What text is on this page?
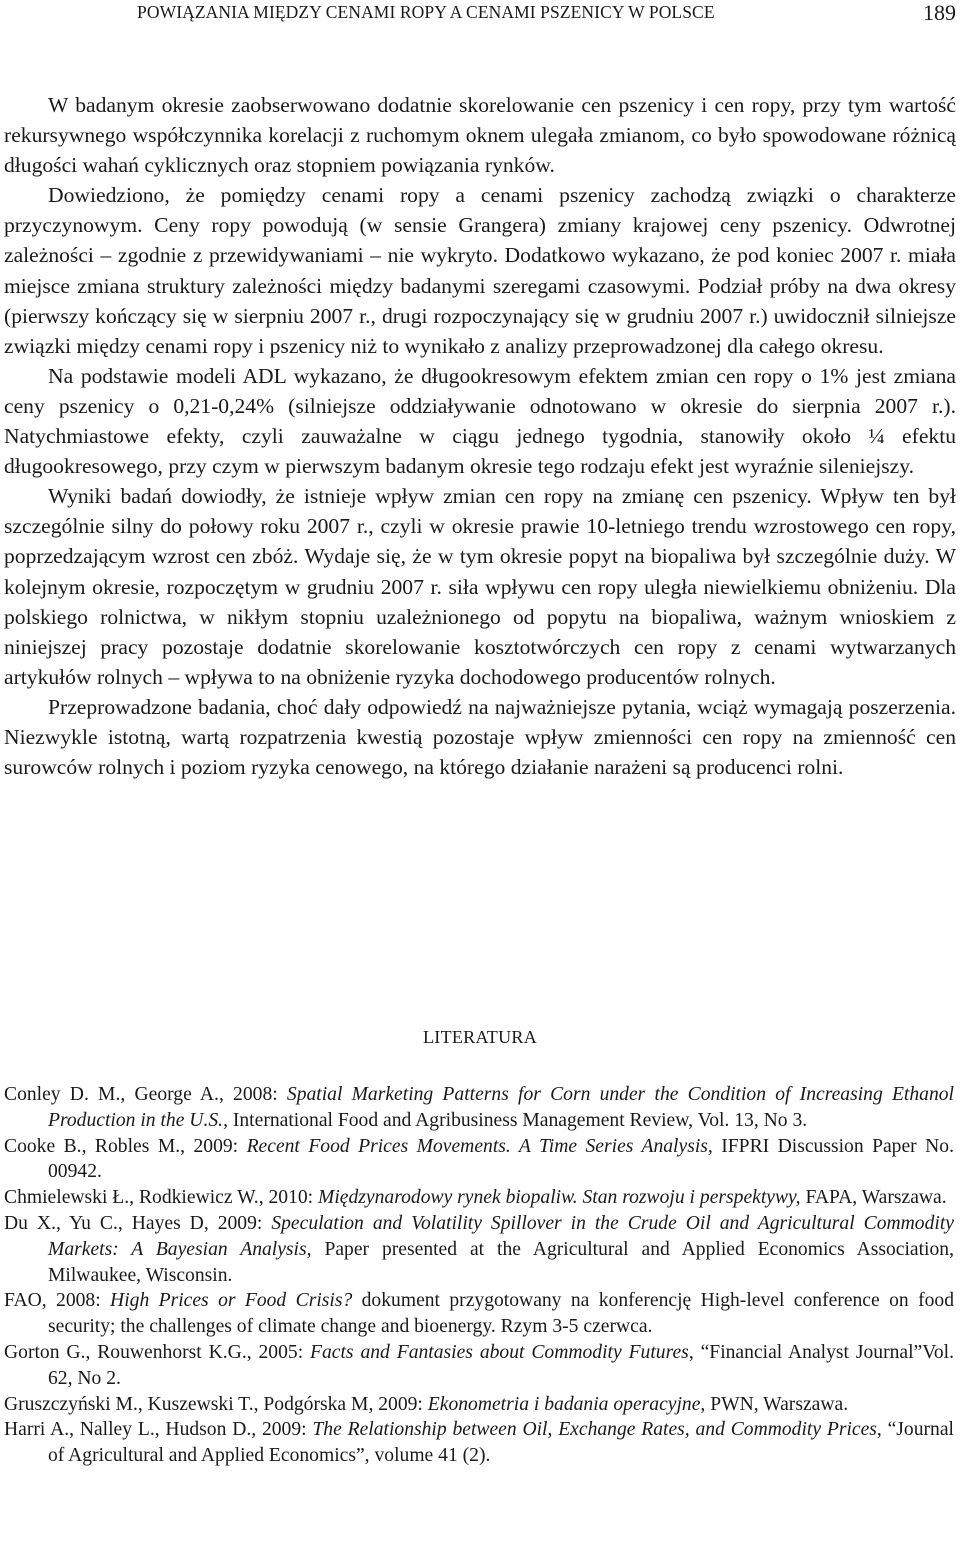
POWIĄZANIA MIĘDZY CENAMI ROPY A CENAMI PSZENICY W POLSCE	189

W badanym okresie zaobserwowano dodatnie skorelowanie cen pszenicy i cen ropy, przy tym wartość rekursywnego współczynnika korelacji z ruchomym oknem ulegała zmianom, co było spowodowane różnicą długości wahań cyklicznych oraz stopniem powiązania rynków.

Dowiedziono, że pomiędzy cenami ropy a cenami pszenicy zachodzą związki o charakterze przyczynowym. Ceny ropy powodują (w sensie Grangera) zmiany krajowej ceny pszenicy. Odwrotnej zależności – zgodnie z przewidywaniami – nie wykryto. Dodatkowo wykazano, że pod koniec 2007 r. miała miejsce zmiana struktury zależności między badanymi szeregami czasowymi. Podział próby na dwa okresy (pierwszy kończący się w sierpniu 2007 r., drugi rozpoczynający się w grudniu 2007 r.) uwidocznił silniejsze związki między cenami ropy i pszenicy niż to wynikało z analizy przeprowadzonej dla całego okresu.

Na podstawie modeli ADL wykazano, że długookresowym efektem zmian cen ropy o 1% jest zmiana ceny pszenicy o 0,21-0,24% (silniejsze oddziaływanie odnotowano w okresie do sierpnia 2007 r.). Natychmiastowe efekty, czyli zauważalne w ciągu jednego tygodnia, stanowiły około ¼ efektu długookresowego, przy czym w pierwszym badanym okresie tego rodzaju efekt jest wyraźnie sileniejszy.

Wyniki badań dowiodły, że istnieje wpływ zmian cen ropy na zmianę cen pszenicy. Wpływ ten był szczególnie silny do połowy roku 2007 r., czyli w okresie prawie 10-letniego trendu wzrostowego cen ropy, poprzedzającym wzrost cen zbóż. Wydaje się, że w tym okresie popyt na biopaliwa był szczególnie duży. W kolejnym okresie, rozpoczętym w grudniu 2007 r. siła wpływu cen ropy uległa niewielkiemu obniżeniu. Dla polskiego rolnictwa, w nikłym stopniu uzależnionego od popytu na biopaliwa, ważnym wnioskiem z niniejszej pracy pozostaje dodatnie skorelowanie kosztotwórczych cen ropy z cenami wytwarzanych artykułów rolnych – wpływa to na obniżenie ryzyka dochodowego producentów rolnych.

Przeprowadzone badania, choć dały odpowiedź na najważniejsze pytania, wciąż wymagają poszerzenia. Niezwykle istotną, wartą rozpatrzenia kwestią pozostaje wpływ zmienności cen ropy na zmienność cen surowców rolnych i poziom ryzyka cenowego, na którego działanie narażeni są producenci rolni.

LITERATURA

Conley D. M., George A., 2008: Spatial Marketing Patterns for Corn under the Condition of Increasing Ethanol Production in the U.S., International Food and Agribusiness Management Review, Vol. 13, No 3.

Cooke B., Robles M., 2009: Recent Food Prices Movements. A Time Series Analysis, IFPRI Discussion Paper No. 00942.

Chmielewski Ł., Rodkiewicz W., 2010: Międzynarodowy rynek biopaliw. Stan rozwoju i perspektywy, FAPA, Warszawa.

Du X., Yu C., Hayes D, 2009: Speculation and Volatility Spillover in the Crude Oil and Agricultural Commodity Markets: A Bayesian Analysis, Paper presented at the Agricultural and Applied Economics Association, Milwaukee, Wisconsin.

FAO, 2008: High Prices or Food Crisis? dokument przygotowany na konferencję High-level conference on food security; the challenges of climate change and bioenergy. Rzym 3-5 czerwca.

Gorton G., Rouwenhorst K.G., 2005: Facts and Fantasies about Commodity Futures, “Financial Analyst Journal”Vol. 62, No 2.

Gruszczyński M., Kuszewski T., Podgórska M, 2009: Ekonometria i badania operacyjne, PWN, Warszawa.

Harri A., Nalley L., Hudson D., 2009: The Relationship between Oil, Exchange Rates, and Commodity Prices, “Journal of Agricultural and Applied Economics”, volume 41 (2).
